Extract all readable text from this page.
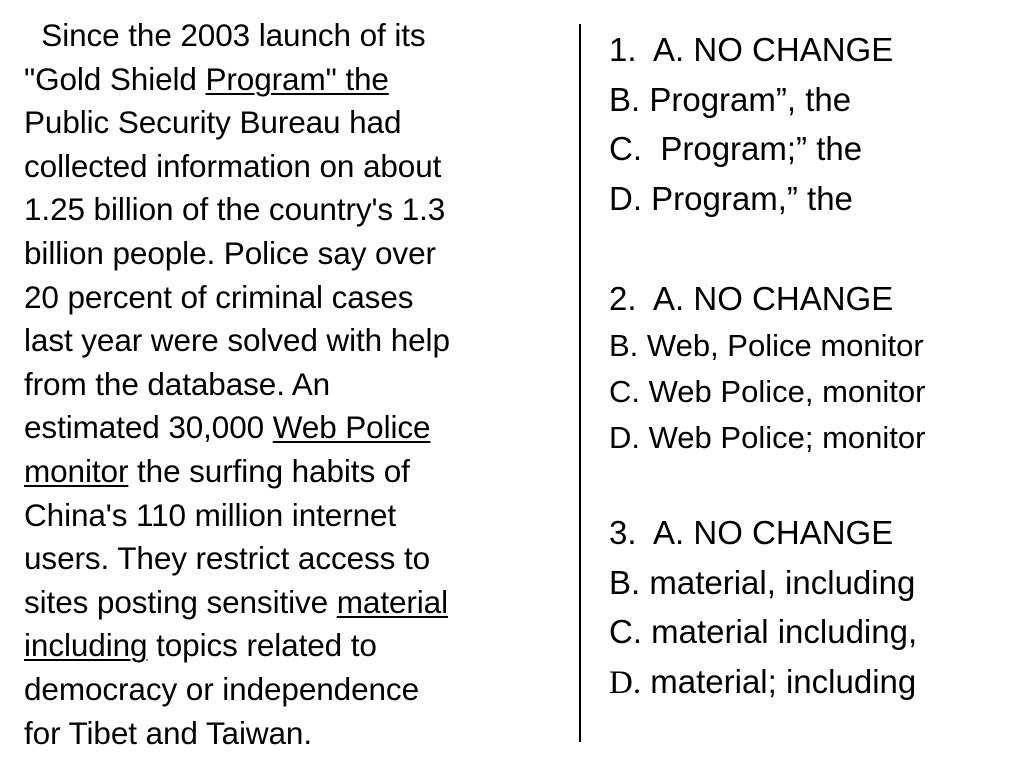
Since the 2003 launch of its
"Gold Shield Program" the
Public Security Bureau had
collected information on about
1.25 billion of the country's 1.3
billion people. Police say over
20 percent of criminal cases
last year were solved with help
from the database. An
estimated 30,000 Web Police
monitor the surfing habits of
China's 110 million internet
users. They restrict access to
sites posting sensitive material
including topics related to
democracy or independence
for Tibet and Taiwan.
1.  A. NO CHANGE
B. Program”, the
C.  Program;” the
D. Program,” the
2.  A. NO CHANGE
B. Web, Police monitor
C. Web Police, monitor
D. Web Police; monitor
3.  A. NO CHANGE
B. material, including
C. material including,
D. material; including
